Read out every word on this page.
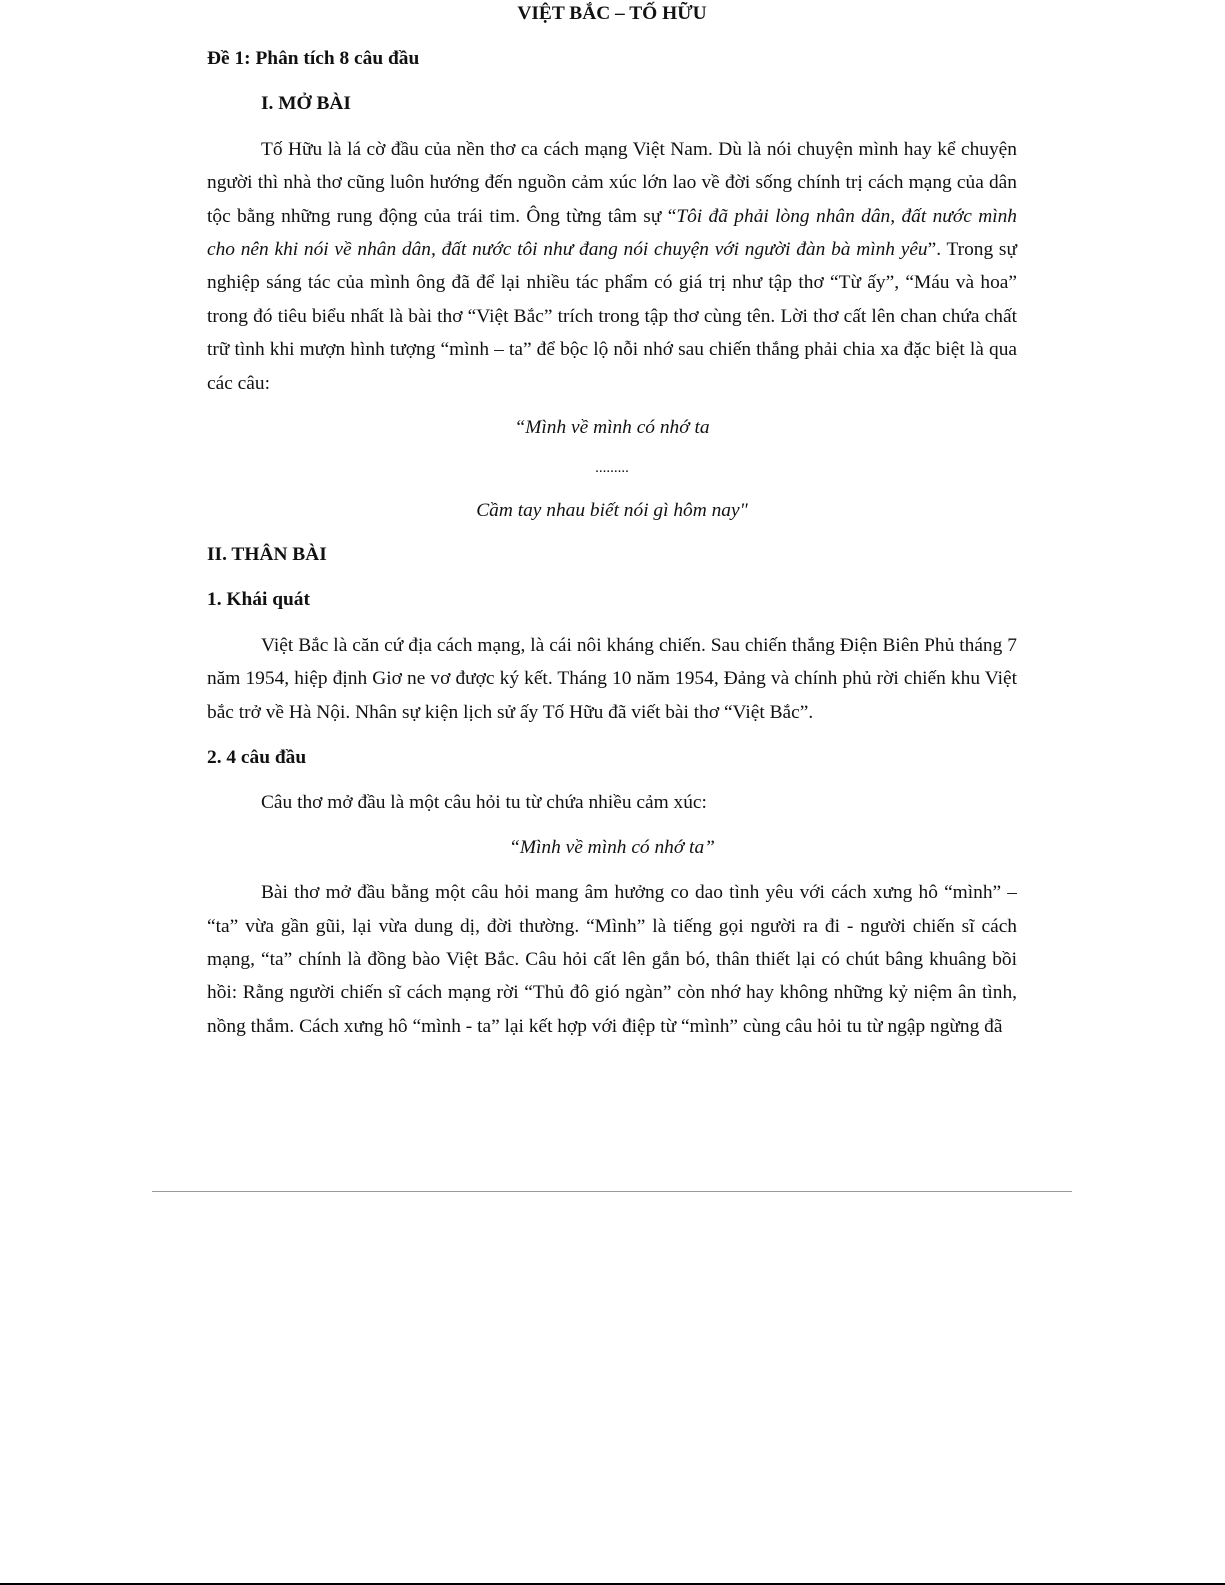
VIỆT BẮC – TỐ HỮU

Đề 1: Phân tích 8 câu đầu

I. MỞ BÀI

Tố Hữu là lá cờ đầu của nền thơ ca cách mạng Việt Nam. Dù là nói chuyện mình hay kể chuyện người thì nhà thơ cũng luôn hướng đến nguồn cảm xúc lớn lao về đời sống chính trị cách mạng của dân tộc bằng những rung động của trái tim. Ông từng tâm sự “Tôi đã phải lòng nhân dân, đất nước mình cho nên khi nói về nhân dân, đất nước tôi như đang nói chuyện với người đàn bà mình yêu”. Trong sự nghiệp sáng tác của mình ông đã để lại nhiều tác phẩm có giá trị như tập thơ “Từ ấy”, “Máu và hoa” trong đó tiêu biểu nhất là bài thơ “Việt Bắc” trích trong tập thơ cùng tên. Lời thơ cất lên chan chứa chất trữ tình khi mượn hình tượng “mình – ta” để bộc lộ nỗi nhớ sau chiến thắng phải chia xa đặc biệt là qua các câu:

“Mình về mình có nhớ ta

.........

Cầm tay nhau biết nói gì hôm nay"

II. THÂN BÀI

1. Khái quát

Việt Bắc là căn cứ địa cách mạng, là cái nôi kháng chiến. Sau chiến thắng Điện Biên Phủ tháng 7 năm 1954, hiệp định Giơ ne vơ được ký kết. Tháng 10 năm 1954, Đảng và chính phủ rời chiến khu Việt bắc trở về Hà Nội. Nhân sự kiện lịch sử ấy Tố Hữu đã viết bài thơ “Việt Bắc”.

2. 4 câu đầu

Câu thơ mở đầu là một câu hỏi tu từ chứa nhiều cảm xúc:

“Mình về mình có nhớ ta”

Bài thơ mở đầu bằng một câu hỏi mang âm hưởng co dao tình yêu với cách xưng hô “mình” – “ta” vừa gần gũi, lại vừa dung dị, đời thường. “Mình” là tiếng gọi người ra đi - người chiến sĩ cách mạng, “ta” chính là đồng bào Việt Bắc. Câu hỏi cất lên gắn bó, thân thiết lại có chút bâng khuâng bồi hồi: Rằng người chiến sĩ cách mạng rời “Thủ đô gió ngàn” còn nhớ hay không những kỷ niệm ân tình, nồng thắm. Cách xưng hô “mình - ta” lại kết hợp với điệp từ “mình” cùng câu hỏi tu từ ngập ngừng đã
